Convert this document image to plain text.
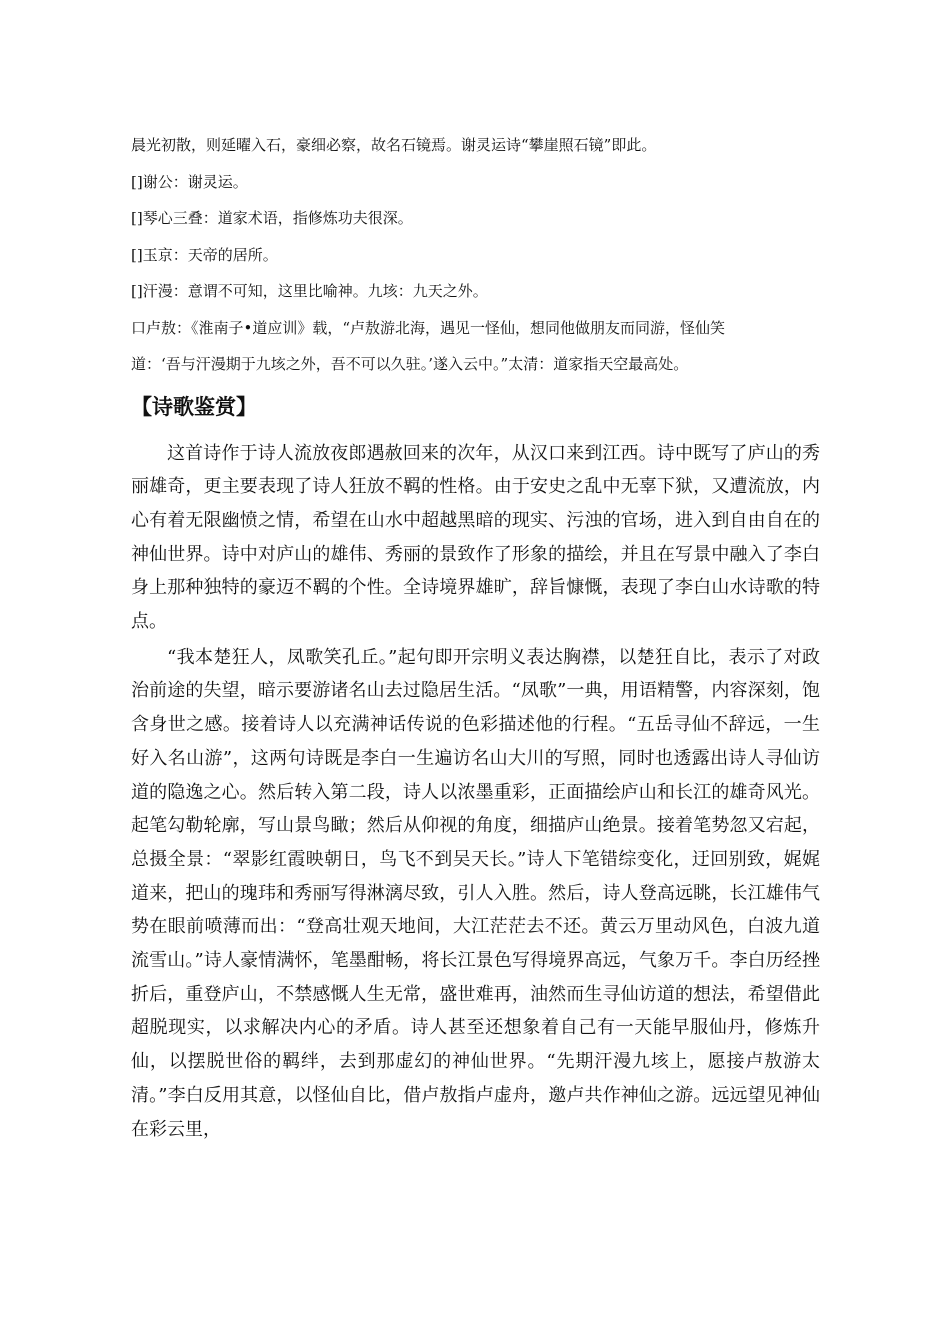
晨光初散，则延曜入石，豪细必察，故名石镜焉。谢灵运诗“攀崖照石镜”即此。

[]谢公：谢灵运。

[]琴心三叠：道家术语，指修炼功夫很深。

[]玉京：天帝的居所。

[]汗漫：意谓不可知，这里比喻神。九垓：九天之外。

口卢敖：《淮南子•道应训》载，“卢敖游北海，遇见一怪仙，想同他做朋友而同游，怪仙笑

道：‘吾与汗漫期于九垓之外，吾不可以久驻。’遂入云中。”太清：道家指天空最高处。

【诗歌鉴赏】

这首诗作于诗人流放夜郎遇赦回来的次年，从汉口来到江西。诗中既写了庐山的秀丽雄奇，更主要表现了诗人狂放不羁的性格。由于安史之乱中无辜下狱，又遭流放，内心有着无限幽愤之情，希望在山水中超越黑暗的现实、污浊的官场，进入到自由自在的神仙世界。诗中对庐山的雄伟、秀丽的景致作了形象的描绘，并且在写景中融入了李白身上那种独特的豪迈不羁的个性。全诗境界雄旷，辞旨慷慨，表现了李白山水诗歌的特点。

“我本楚狂人，凤歌笑孔丘。”起句即开宗明义表达胸襟，以楚狂自比，表示了对政治前途的失望，暗示要游诸名山去过隐居生活。“凤歌”一典，用语精警，内容深刻，饱含身世之感。接着诗人以充满神话传说的色彩描述他的行程。“五岳寻仙不辞远，一生好入名山游”，这两句诗既是李白一生遍访名山大川的写照，同时也透露出诗人寻仙访道的隐逸之心。然后转入第二段，诗人以浓墨重彩，正面描绘庐山和长江的雄奇风光。起笔勾勒轮廓，写山景鸟瞰；然后从仰视的角度，细描庐山绝景。接着笔势忽又宕起，总摄全景：“翠影红霞映朝日，鸟飞不到吴天长。”诗人下笔错综变化，迂回别致，娓娓道来，把山的瑰玮和秀丽写得淋漓尽致，引人入胜。然后，诗人登高远眺，长江雄伟气势在眼前喷薄而出：“登高壮观天地间，大江茫茫去不还。黄云万里动风色，白波九道流雪山。”诗人豪情满怀，笔墨酣畅，将长江景色写得境界高远，气象万千。李白历经挫折后，重登庐山，不禁感慨人生无常，盛世难再，油然而生寻仙访道的想法，希望借此超脱现实，以求解决内心的矛盾。诗人甚至还想象着自己有一天能早服仙丹，修炼升仙，以摆脱世俗的羁绊，去到那虚幻的神仙世界。“先期汗漫九垓上，愿接卢敖游太清。”李白反用其意，以怪仙自比，借卢敖指卢虚舟，邀卢共作神仙之游。远远望见神仙在彩云里，
